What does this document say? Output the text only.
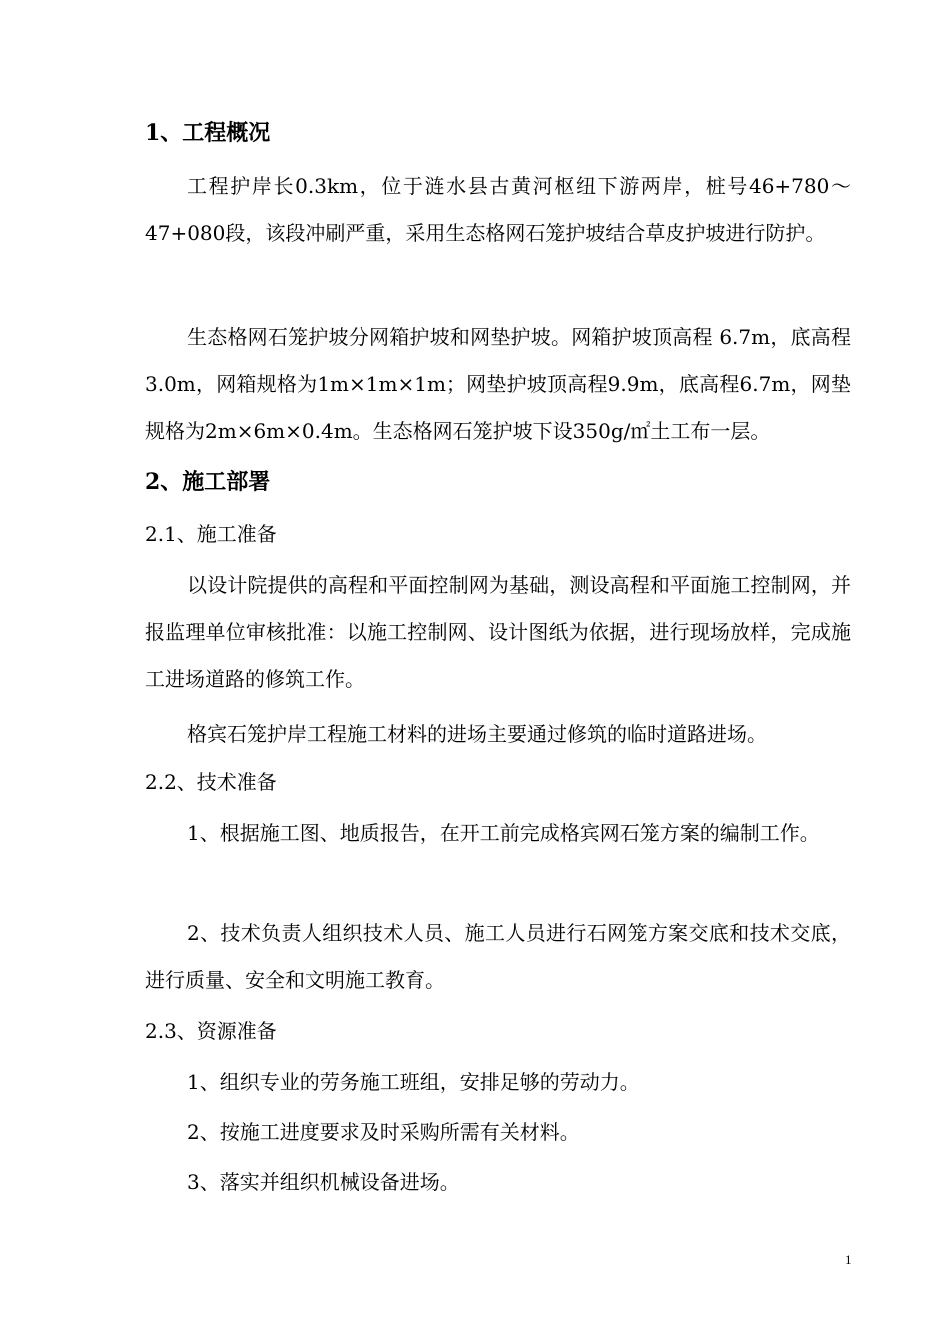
1、工程概况
工程护岸长0.3km，位于涟水县古黄河枢纽下游两岸，桩号46+780～47+080段，该段冲刷严重，采用生态格网石笼护坡结合草皮护坡进行防护。
生态格网石笼护坡分网箱护坡和网垫护坡。网箱护坡顶高程 6.7m，底高程3.0m，网箱规格为1m×1m×1m；网垫护坡顶高程9.9m，底高程6.7m，网垫规格为2m×6m×0.4m。生态格网石笼护坡下设350g/㎡土工布一层。
2、施工部署
2.1、施工准备
以设计院提供的高程和平面控制网为基础，测设高程和平面施工控制网，并报监理单位审核批准：以施工控制网、设计图纸为依据，进行现场放样，完成施工进场道路的修筑工作。
格宾石笼护岸工程施工材料的进场主要通过修筑的临时道路进场。
2.2、技术准备
1、根据施工图、地质报告，在开工前完成格宾网石笼方案的编制工作。
2、技术负责人组织技术人员、施工人员进行石网笼方案交底和技术交底，进行质量、安全和文明施工教育。
2.3、资源准备
1、组织专业的劳务施工班组，安排足够的劳动力。
2、按施工进度要求及时采购所需有关材料。
3、落实并组织机械设备进场。
1
